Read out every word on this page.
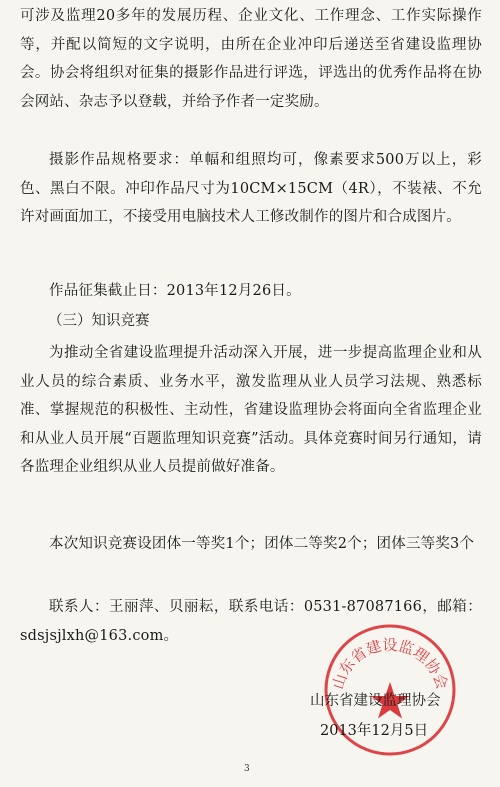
可涉及监理20多年的发展历程、企业文化、工作理念、工作实际操作等，并配以简短的文字说明，由所在企业冲印后递送至省建设监理协会。协会将组织对征集的摄影作品进行评选，评选出的优秀作品将在协会网站、杂志予以登载，并给予作者一定奖励。

摄影作品规格要求：单幅和组照均可，像素要求500万以上，彩色、黑白不限。冲印作品尺寸为10CM×15CM（4R），不装裱、不允许对画面加工，不接受用电脑技术人工修改制作的图片和合成图片。

作品征集截止日：2013年12月26日。

（三）知识竞赛

为推动全省建设监理提升活动深入开展，进一步提高监理企业和从业人员的综合素质、业务水平，激发监理从业人员学习法规、熟悉标准、掌握规范的积极性、主动性，省建设监理协会将面向全省监理企业和从业人员开展“百题监理知识竞赛”活动。具体竞赛时间另行通知，请各监理企业组织从业人员提前做好准备。

本次知识竞赛设团体一等奖1个；团体二等奖2个；团体三等奖3个

联系人：王丽萍、贝丽耘，联系电话：0531-87087166，邮箱：sdsjsjlxh@163.com。

山东省建设监理协会
山东省建设监理协会
2013年12月5日
3
